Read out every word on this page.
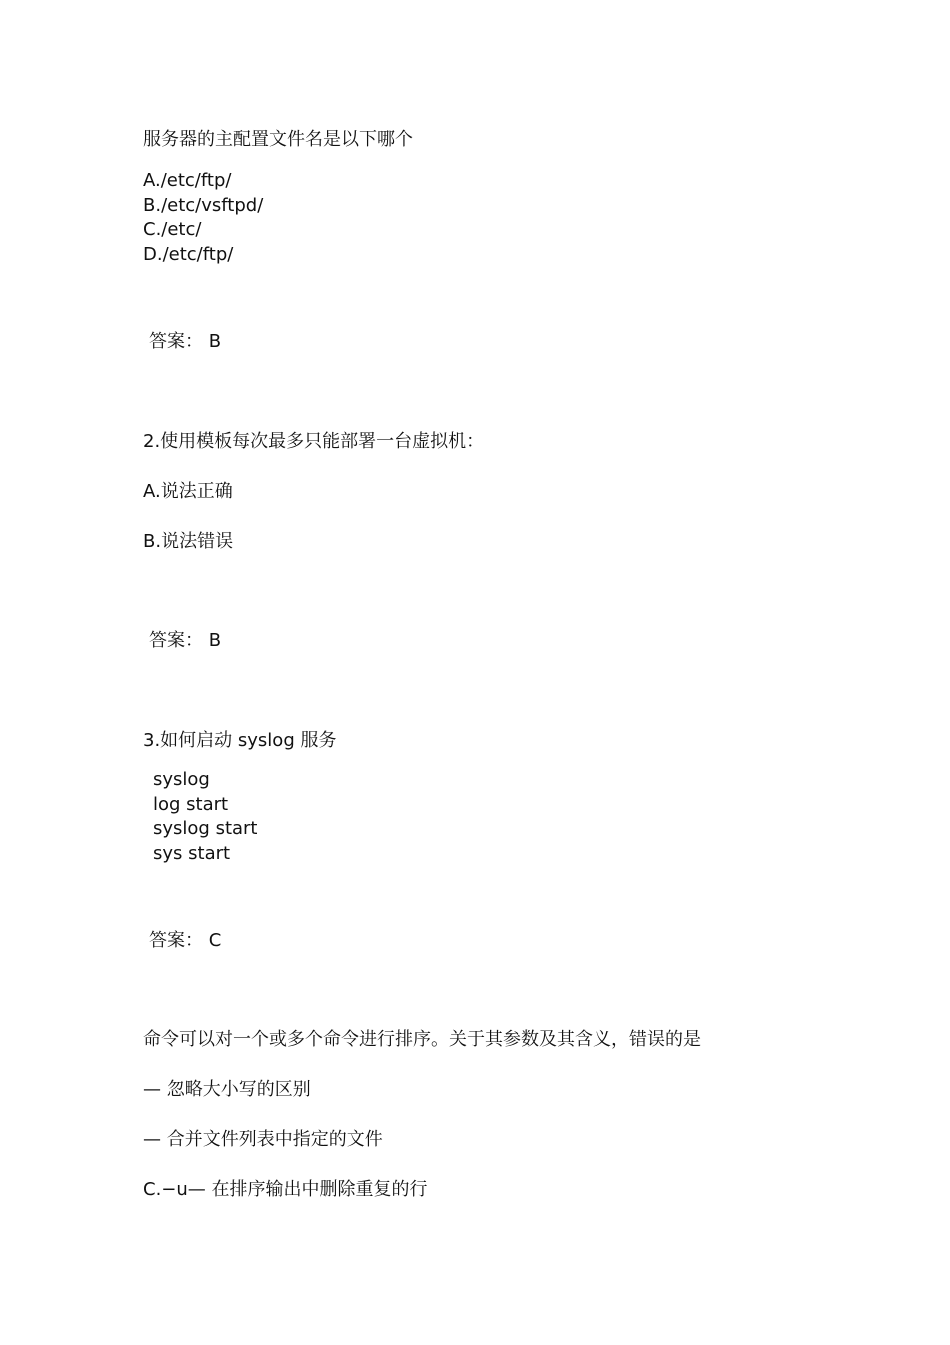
服务器的主配置文件名是以下哪个

A./etc/ftp/

B./etc/vsftpd/

C./etc/

D./etc/ftp/

答案： B

2.使用模板每次最多只能部署一台虚拟机：

A.说法正确

B.说法错误

答案： B

3.如何启动 syslog 服务

syslog

log start

syslog start

sys start

答案： C

命令可以对一个或多个命令进行排序。关于其参数及其含义，错误的是

— 忽略大小写的区别

— 合并文件列表中指定的文件

C.−u— 在排序输出中删除重复的行
